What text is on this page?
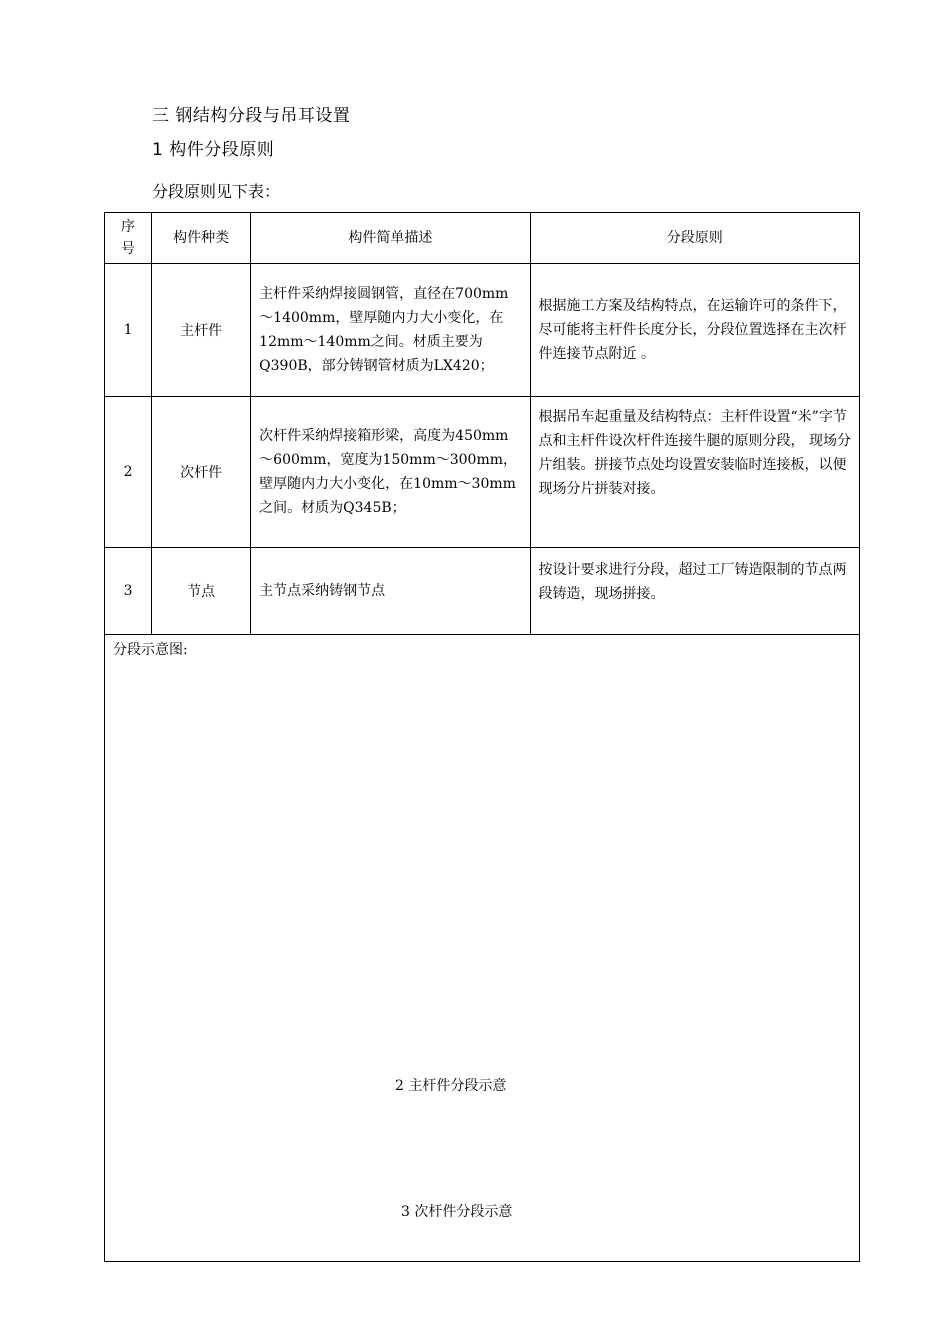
三 钢结构分段与吊耳设置
1 构件分段原则
分段原则见下表：
序号	构件种类	构件简单描述	分段原则
1	主杆件	主杆件采纳焊接圆钢管，直径在700mm～1400mm，壁厚随内力大小变化，在12mm～140mm之间。材质主要为Q390B，部分铸钢管材质为LX420；	根据施工方案及结构特点，在运输许可的条件下，尽可能将主杆件长度分长，分段位置选择在主次杆件连接节点附近 。
2	次杆件	次杆件采纳焊接箱形梁，高度为450mm～600mm，宽度为150mm～300mm，壁厚随内力大小变化，在10mm～30mm之间。材质为Q345B；	根据吊车起重量及结构特点：主杆件设置“米”字节点和主杆件设次杆件连接牛腿的原则分段， 现场分片组装。拼接节点处均设置安装临时连接板，以便现场分片拼装对接。
3	节点	主节点采纳铸钢节点	按设计要求进行分段，超过工厂铸造限制的节点两段铸造，现场拼接。

分段示意图:
2 主杆件分段示意
3 次杆件分段示意			
